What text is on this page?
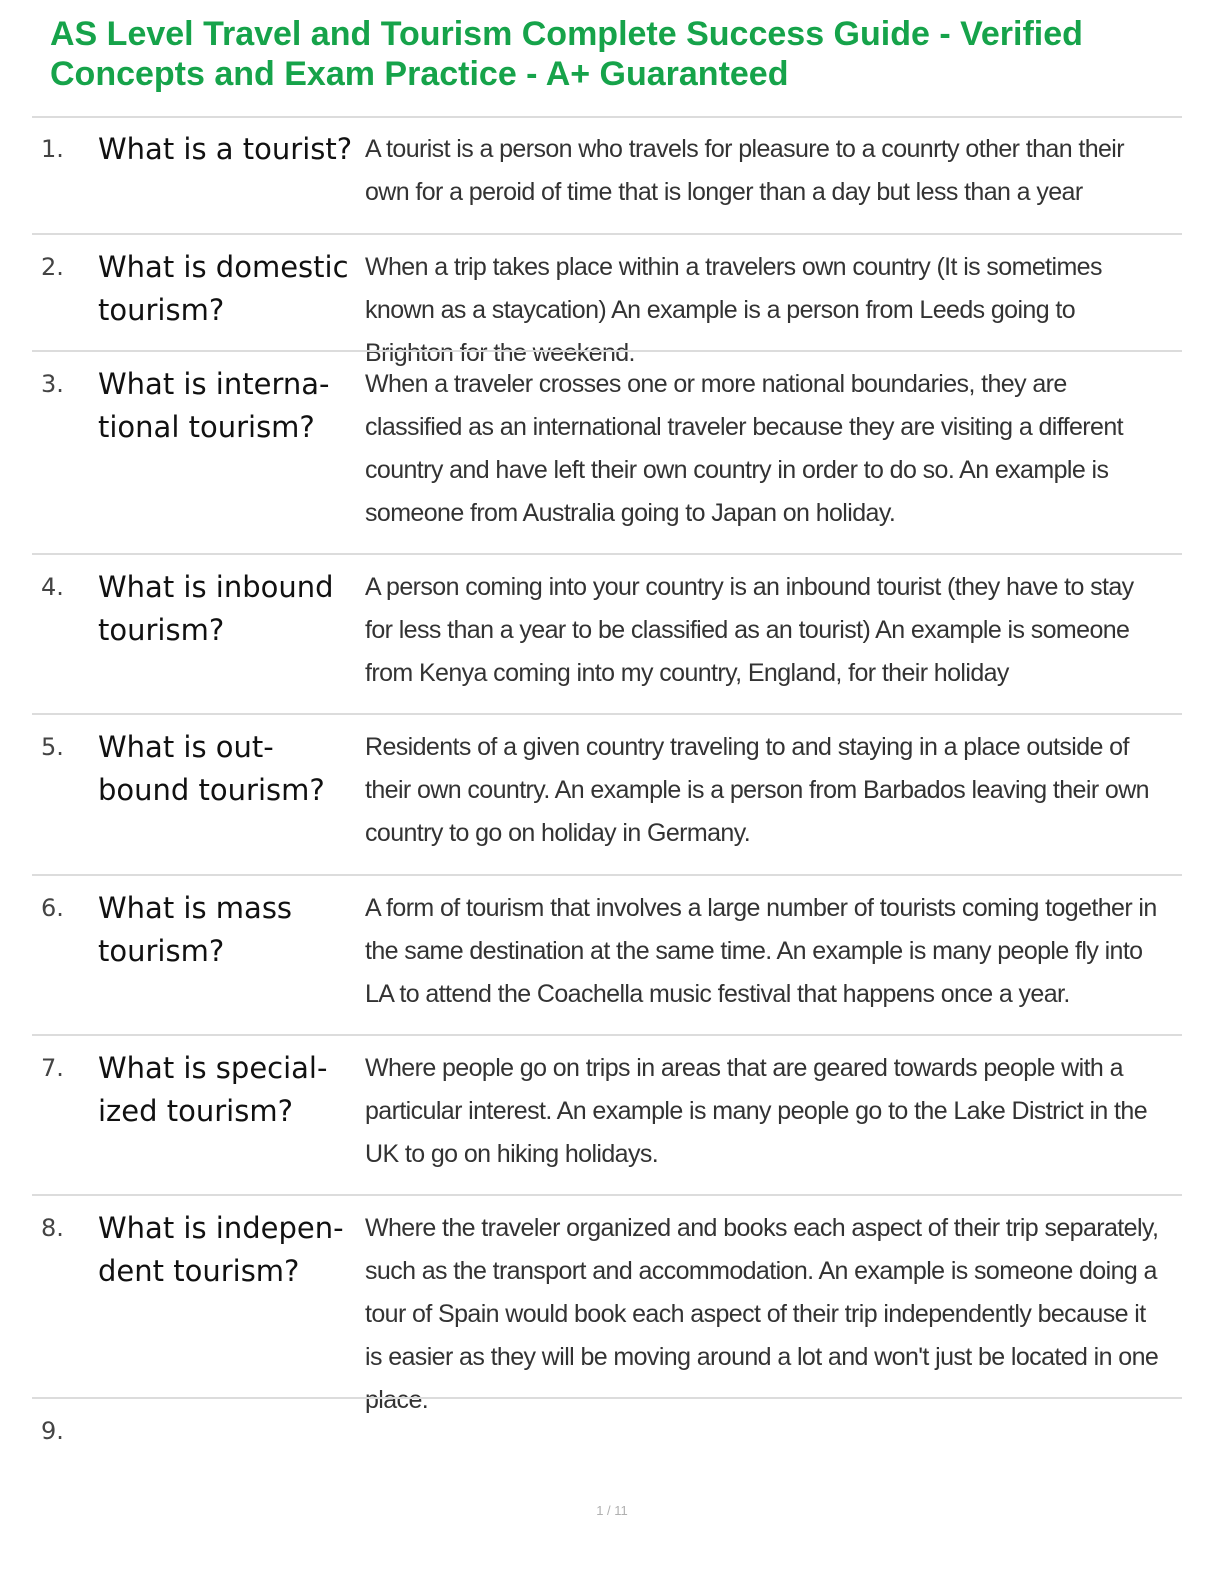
AS Level Travel and Tourism Complete Success Guide - Verified Concepts and Exam Practice - A+ Guaranteed
1. What is a tourist? A tourist is a person who travels for pleasure to a counrty other than their own for a peroid of time that is longer than a day but less than a year
2. What is domestic tourism?
When a trip takes place within a travelers own country (It is sometimes known as a staycation) An example is a person from Leeds going to Brighton for the weekend.
3. What is interna- tional tourism?
When a traveler crosses one or more national boundaries, they are classified as an international traveler because they are visiting a different country and have left their own country in order to do so. An example is someone from Australia going to Japan on holiday.
4. What is inbound tourism?
A person coming into your country is an inbound tourist (they have to stay for less than a year to be classified as an tourist) An example is someone from Kenya coming into my country, England, for their holiday
5. What is out- bound tourism?
Residents of a given country traveling to and staying in a place outside of their own country. An example is a person from Barbados leaving their own country to go on holiday in Germany.
6. What is mass tourism?
A form of tourism that involves a large number of tourists coming together in the same destination at the same time. An example is many people fly into LA to attend the Coachella music festival that happens once a year.
7. What is special- ized tourism?
Where people go on trips in areas that are geared towards people with a particular interest. An example is many people go to the Lake District in the UK to go on hiking holidays.
8. What is indepen- dent tourism?
Where the traveler organized and books each aspect of their trip separately, such as the transport and accommodation. An example is someone doing a tour of Spain would book each aspect of their trip independently because it is easier as they will be moving around a lot and won't just be located in one place.
9.
1 / 11
